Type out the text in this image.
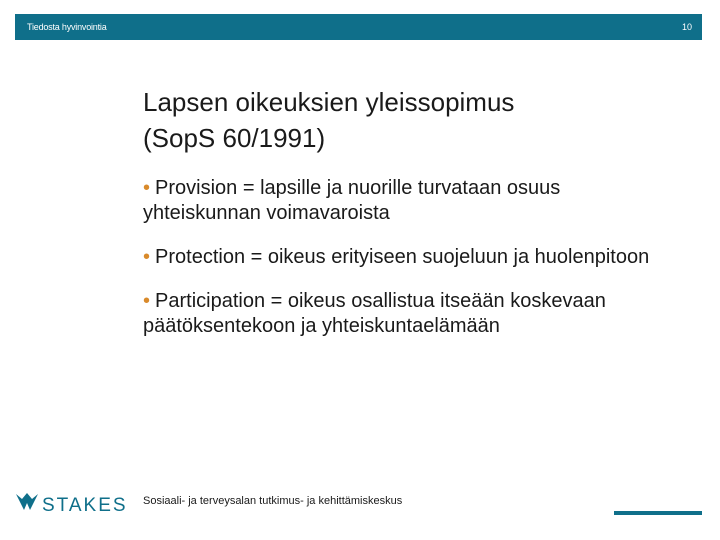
Tiedosta hyvinvointia	10
Lapsen oikeuksien yleissopimus
(SopS 60/1991)
• Provision = lapsille ja nuorille turvataan osuus yhteiskunnan voimavaroista
• Protection = oikeus erityiseen suojeluun ja huolenpitoon
• Participation = oikeus osallistua itseään koskevaan päätöksentekoon ja yhteiskuntaelämään
STAKES Sosiaali- ja terveysalan tutkimus- ja kehittämiskeskus
